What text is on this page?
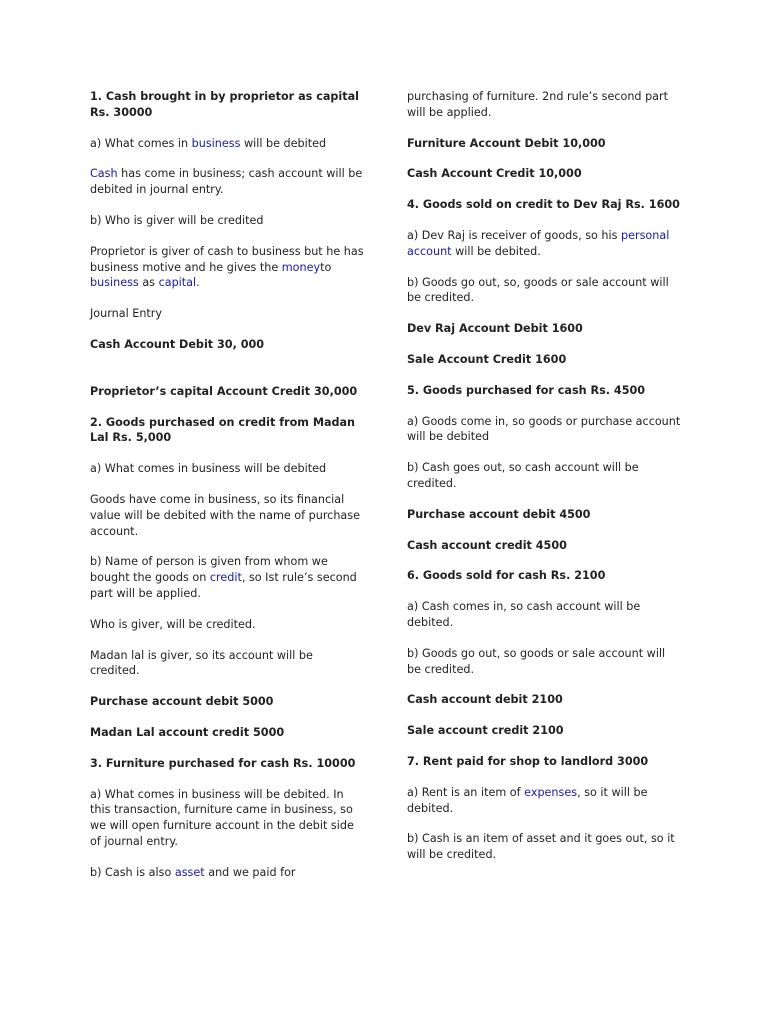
1. Cash brought in by proprietor as capital Rs. 30000

a) What comes in business will be debited

Cash has come in business; cash account will be debited in journal entry.

b) Who is giver will be credited

Proprietor is giver of cash to business but he has business motive and he gives the moneyto business as capital.

Journal Entry

Cash Account Debit 30, 000

Proprietor’s capital Account Credit 30,000

2. Goods purchased on credit from Madan Lal Rs. 5,000

a) What comes in business will be debited

Goods have come in business, so its financial value will be debited with the name of purchase account.

b) Name of person is given from whom we bought the goods on credit, so Ist rule’s second part will be applied.

Who is giver, will be credited.

Madan lal is giver, so its account will be credited.

Purchase account debit 5000

Madan Lal account credit 5000

3. Furniture purchased for cash Rs. 10000

a) What comes in business will be debited. In this transaction, furniture came in business, so we will open furniture account in the debit side of journal entry.

b) Cash is also asset and we paid for

purchasing of furniture. 2nd rule’s second part will be applied.

Furniture Account Debit 10,000

Cash Account Credit 10,000

4. Goods sold on credit to Dev Raj Rs. 1600

a) Dev Raj is receiver of goods, so his personal account will be debited.

b) Goods go out, so, goods or sale account will be credited.

Dev Raj Account Debit 1600

Sale Account Credit 1600

5. Goods purchased for cash Rs. 4500

a) Goods come in, so goods or purchase account will be debited

b) Cash goes out, so cash account will be credited.

Purchase account debit 4500

Cash account credit 4500

6. Goods sold for cash Rs. 2100

a) Cash comes in, so cash account will be debited.

b) Goods go out, so goods or sale account will be credited.

Cash account debit 2100

Sale account credit 2100

7. Rent paid for shop to landlord 3000

a) Rent is an item of expenses, so it will be debited.

b) Cash is an item of asset and it goes out, so it will be credited.
